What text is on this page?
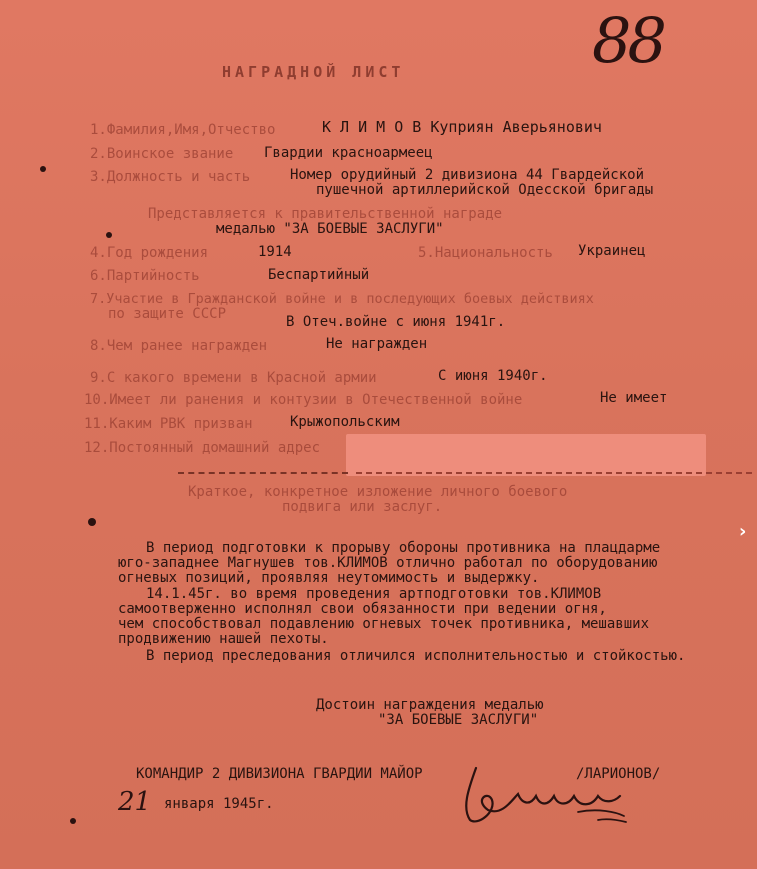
88
НАГРАДНОЙ ЛИСТ
1.Фамилия,Имя,Отчество	К Л И М О В Куприян Аверьянович
2.Воинское звание Гвардии красноармеец
3.Должность и часть	Номер орудийный 2 дивизиона 44 Гвардейской
пушечной артиллерийской Одесской бригады
Представляется к правительственной награде
медалью "ЗА БОЕВЫЕ ЗАСЛУГИ"
4.Год рождения	1914	5.Национальность Украинец
6.Партийность	Беспартийный
7.Участие в Гражданской войне и в последующих боевых действиях
по защите СССР	В Отеч.войне с июня 1941г.
8.Чем ранее награжден	Не награжден
9.С какого времени в Красной армии	С июня 1940г.
10.Имеет ли ранения и контузии в Отечественной войне	Не имеет
11.Каким РВК призван	Крыжопольским
12.Постоянный домашний адрес
Краткое, конкретное изложение личного боевого
подвига или заслуг.
В период подготовки к прорыву обороны противника на плацдарме
юго-западнее Магнушев тов.КЛИМОВ отлично работал по оборудованию
огневых позиций, проявляя неутомимость и выдержку.
14.1.45г. во время проведения артподготовки тов.КЛИМОВ
самоотверженно исполнял свои обязанности при ведении огня,
чем способствовал подавлению огневых точек противника, мешавших
продвижению нашей пехоты.
В период преследования отличился исполнительностью и стойкостью.
Достоин награждения медалью
"ЗА БОЕВЫЕ ЗАСЛУГИ"
КОМАНДИР 2 ДИВИЗИОНА ГВАРДИИ МАЙОР	/ЛАРИОНОВ/
21 января 1945г.
›
